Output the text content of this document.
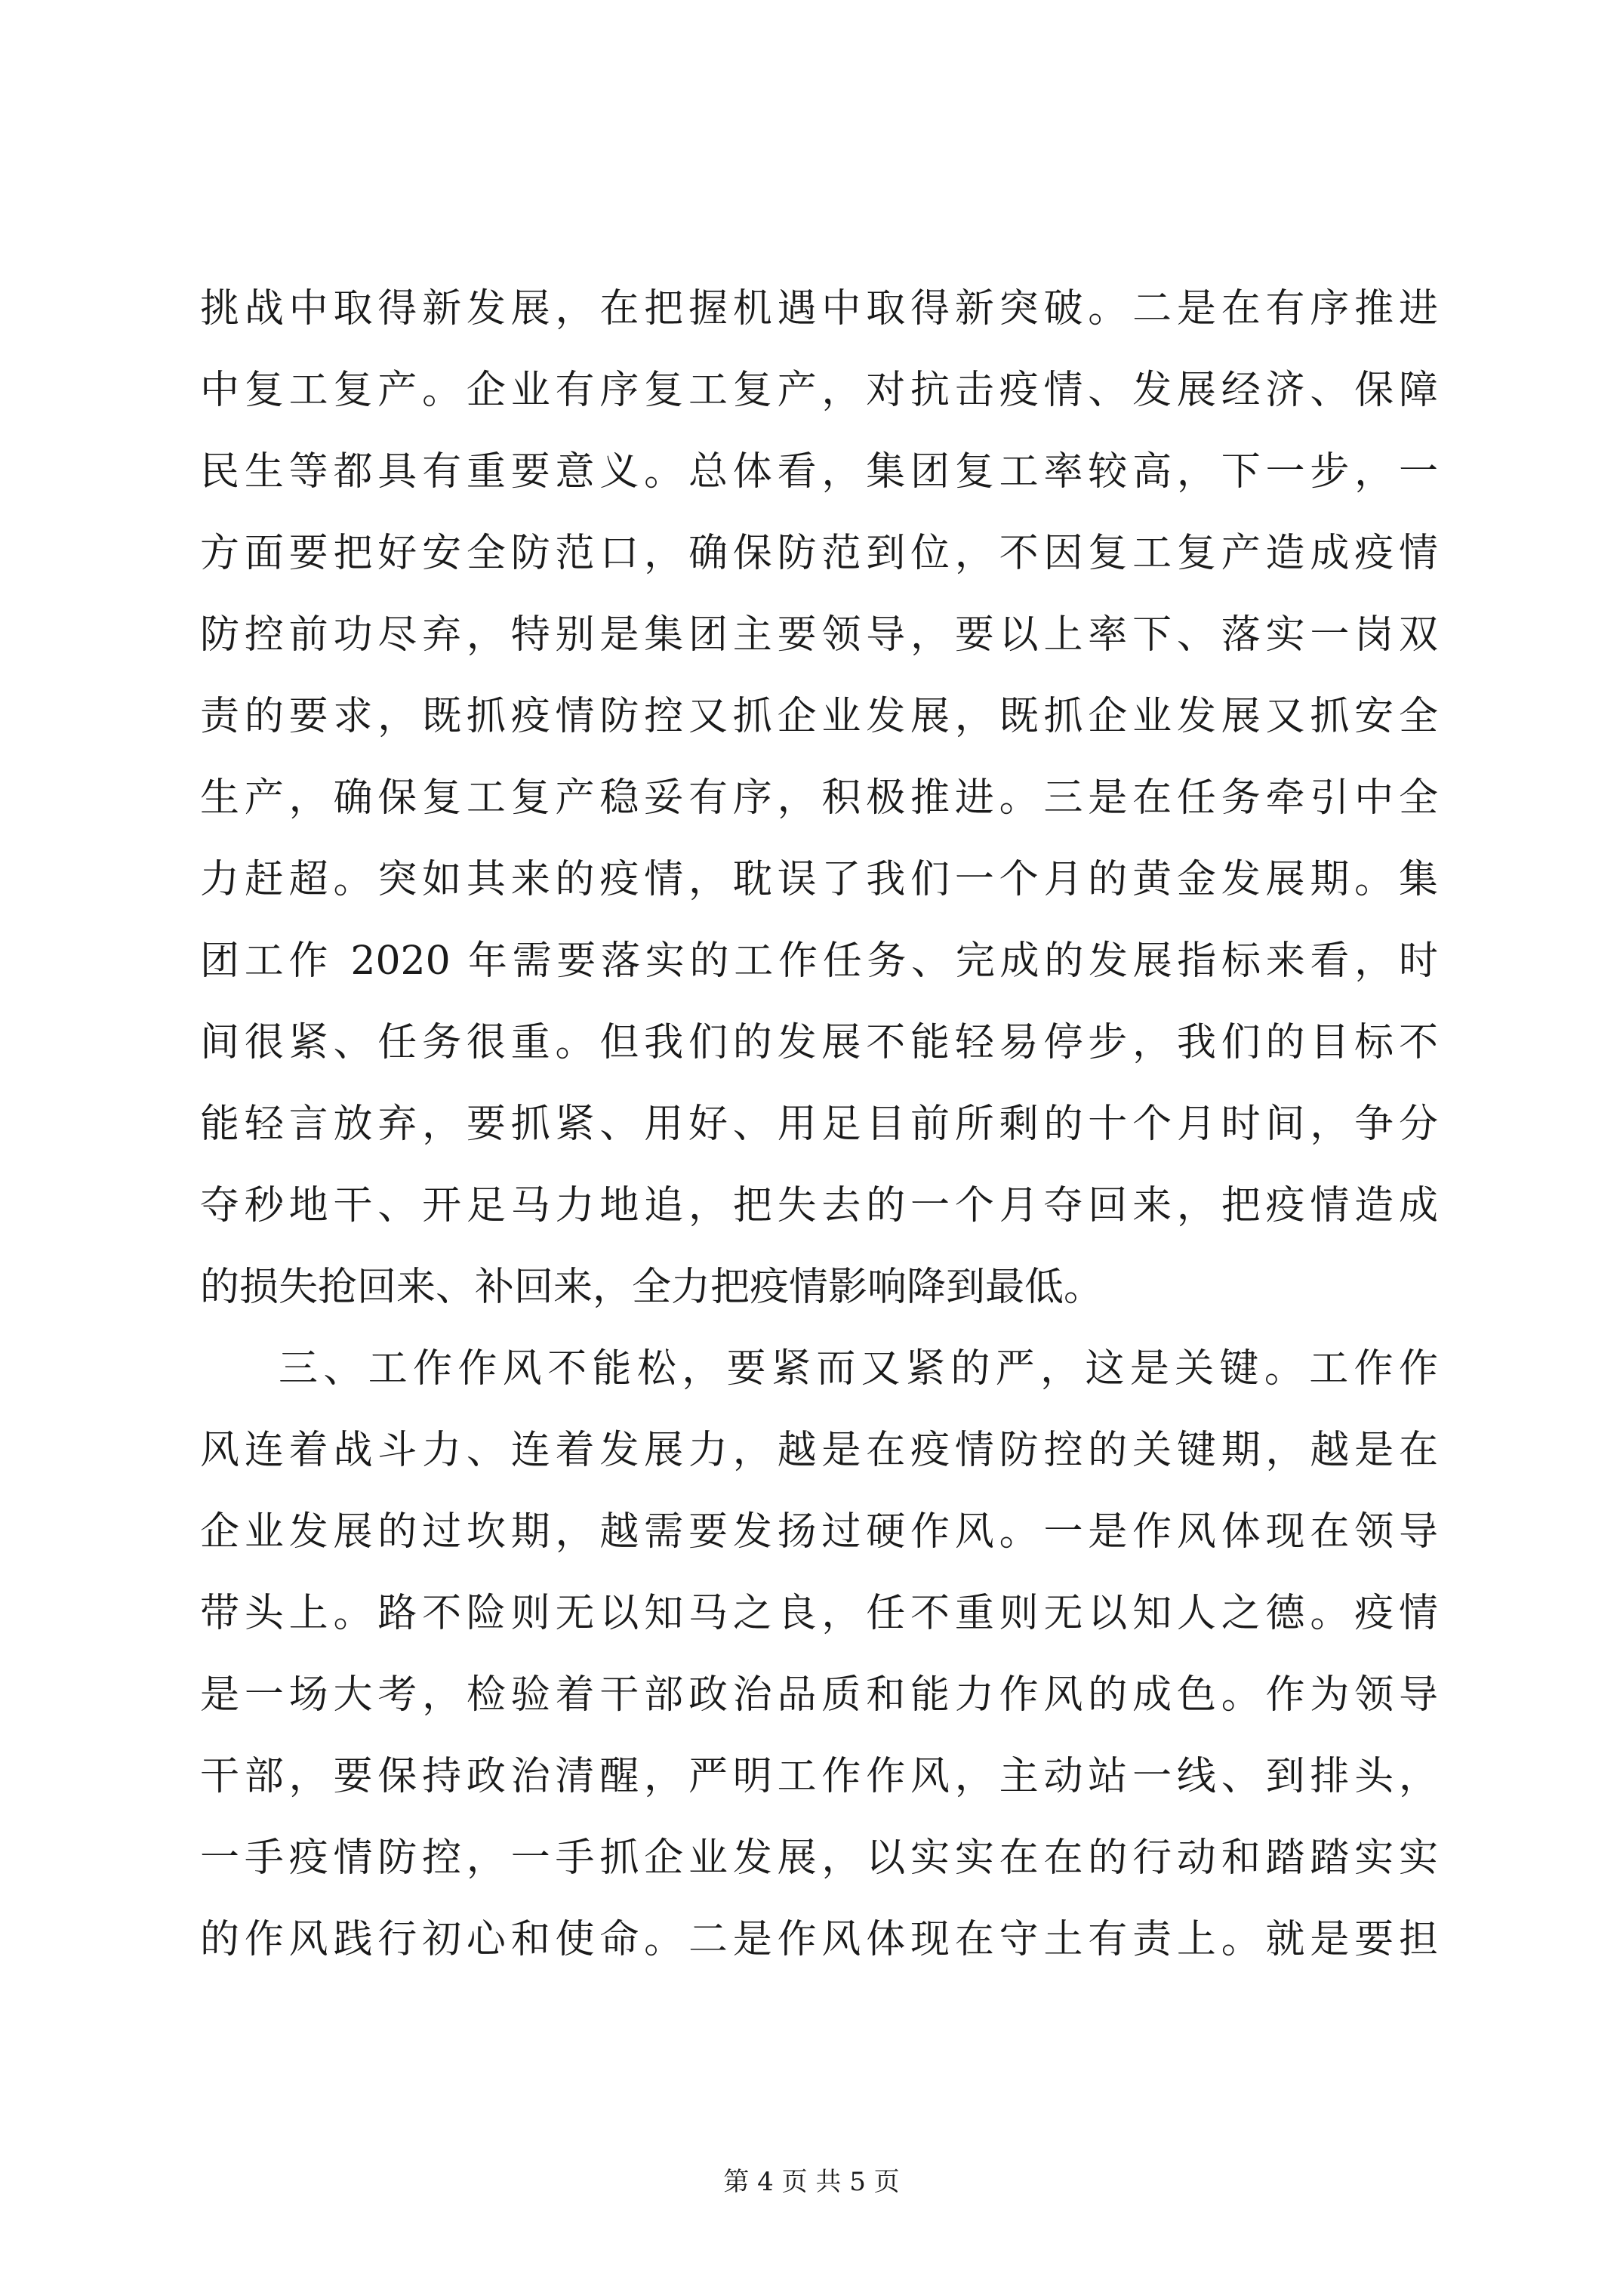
挑战中取得新发展，在把握机遇中取得新突破。二是在有序推进
中复工复产。企业有序复工复产，对抗击疫情、发展经济、保障
民生等都具有重要意义。总体看，集团复工率较高，下一步，一
方面要把好安全防范口，确保防范到位，不因复工复产造成疫情
防控前功尽弃，特别是集团主要领导，要以上率下、落实一岗双
责的要求，既抓疫情防控又抓企业发展，既抓企业发展又抓安全
生产，确保复工复产稳妥有序，积极推进。三是在任务牵引中全
力赶超。突如其来的疫情，耽误了我们一个月的黄金发展期。集
团工作 2020 年需要落实的工作任务、完成的发展指标来看，时
间很紧、任务很重。但我们的发展不能轻易停步，我们的目标不
能轻言放弃，要抓紧、用好、用足目前所剩的十个月时间，争分
夺秒地干、开足马力地追，把失去的一个月夺回来，把疫情造成
的损失抢回来、补回来，全力把疫情影响降到最低。
三、工作作风不能松，要紧而又紧的严，这是关键。工作作
风连着战斗力、连着发展力，越是在疫情防控的关键期，越是在
企业发展的过坎期，越需要发扬过硬作风。一是作风体现在领导
带头上。路不险则无以知马之良，任不重则无以知人之德。疫情
是一场大考，检验着干部政治品质和能力作风的成色。作为领导
干部，要保持政治清醒，严明工作作风，主动站一线、到排头，
一手疫情防控，一手抓企业发展，以实实在在的行动和踏踏实实
的作风践行初心和使命。二是作风体现在守土有责上。就是要担
第 4 页 共 5 页
